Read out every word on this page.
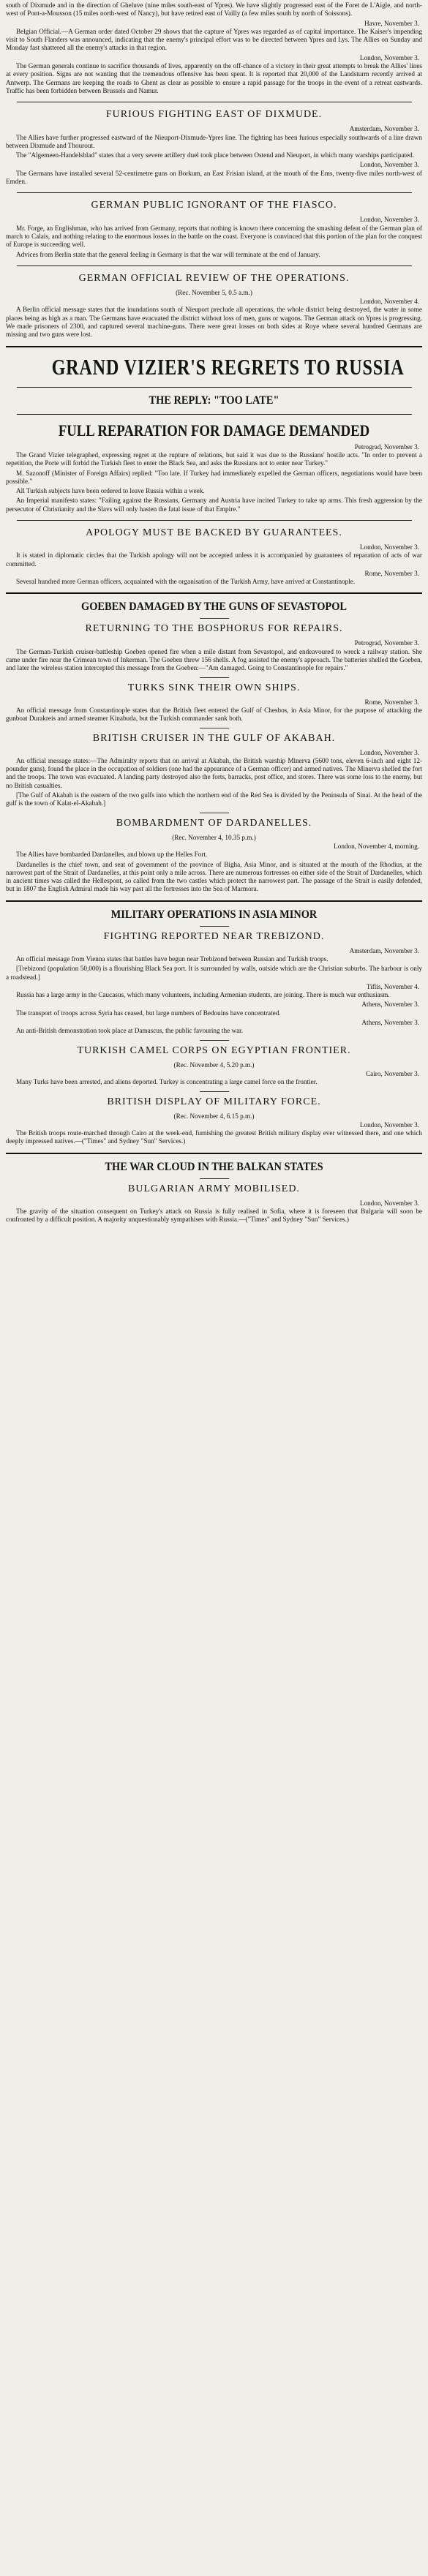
south of Dixmude and in the direction of Gheluve (nine miles south-east of Ypres). We have slightly progressed east of the Foret de L'Aigle, and north-west of Pont-a-Mousson (15 miles north-west of Nancy), but have retired east of Vailly (a few miles south by north of Soissons).

Havre, November 3.

Belgian Official.—A German order dated October 29 shows that the capture of Ypres was regarded as of capital importance. The Kaiser's impending visit to South Flanders was announced, indicating that the enemy's principal effort was to be directed between Ypres and Lys. The Allies on Sunday and Monday fast shattered all the enemy's attacks in that region.

London, November 3.

The German generals continue to sacrifice thousands of lives, apparently on the off-chance of a victory in their great attempts to break the Allies' lines at every position. Signs are not wanting that the tremendous offensive has been spent. It is reported that 20,000 of the Landsturm recently arrived at Antwerp. The Germans are keeping the roads to Ghent as clear as possible to ensure a rapid passage for the troops in the event of a retreat eastwards. Traffic has been forbidden between Brussels and Namur.

FURIOUS FIGHTING EAST OF DIXMUDE.
Amsterdam, November 3.

The Allies have further progressed eastward of the Nieuport-Dixmude-Ypres line. The fighting has been furious especially southwards of a line drawn between Dixmude and Thourout.

The "Algemeen-Handelsblad" states that a very severe artillery duel took place between Ostend and Nieuport, in which many warships participated.

London, November 3.

The Germans have installed several 52-centimetre guns on Borkum, an East Frisian island, at the mouth of the Ems, twenty-five miles north-west of Emden.

GERMAN PUBLIC IGNORANT OF THE FIASCO.
London, November 3.

Mr. Forge, an Englishman, who has arrived from Germany, reports that nothing is known there concerning the smashing defeat of the German plan of march to Calais, and nothing relating to the enormous losses in the battle on the coast. Everyone is convinced that this portion of the plan for the conquest of Europe is succeeding well.

Advices from Berlin state that the general feeling in Germany is that the war will terminate at the end of January.

GERMAN OFFICIAL REVIEW OF THE OPERATIONS.
(Rec. November 5, 0.5 a.m.)
London, November 4.

A Berlin official message states that the inundations south of Nieuport preclude all operations, the whole district being destroyed, the water in some places being as high as a man. The Germans have evacuated the district without loss of men, guns or wagons. The German attack on Ypres is progressing. We made prisoners of 2300, and captured several machine-guns. There were great losses on both sides at Roye where several hundred Germans are missing and two guns were lost.

GRAND VIZIER'S REGRETS TO RUSSIA
THE REPLY: "TOO LATE"
FULL REPARATION FOR DAMAGE DEMANDED
Petrograd, November 3.

The Grand Vizier telegraphed, expressing regret at the rupture of relations, but said it was due to the Russians' hostile acts. "In order to prevent a repetition, the Porte will forbid the Turkish fleet to enter the Black Sea, and asks the Russians not to enter near Turkey."

M. Sazonoff (Minister of Foreign Affairs) replied: "Too late. If Turkey had immediately expelled the German officers, negotiations would have been possible."

All Turkish subjects have been ordered to leave Russia within a week.

An Imperial manifesto states: "Failing against the Russians, Germany and Austria have incited Turkey to take up arms. This fresh aggression by the persecutor of Christianity and the Slavs will only hasten the fatal issue of that Empire."

APOLOGY MUST BE BACKED BY GUARANTEES.
London, November 3.

It is stated in diplomatic circles that the Turkish apology will not be accepted unless it is accompanied by guarantees of reparation of acts of war committed.

Rome, November 3.

Several hundred more German officers, acquainted with the organisation of the Turkish Army, have arrived at Constantinople.

GOEBEN DAMAGED BY THE GUNS OF SEVASTOPOL
RETURNING TO THE BOSPHORUS FOR REPAIRS.
Petrograd, November 3.

The German-Turkish cruiser-battleship Goeben opened fire when a mile distant from Sevastopol, and endeavoured to wreck a railway station. She came under fire near the Crimean town of Inkerman. The Goeben threw 156 shells. A fog assisted the enemy's approach. The batteries shelled the Goeben, and later the wireless station intercepted this message from the Goeben:—"Am damaged. Going to Constantinople for repairs."

TURKS SINK THEIR OWN SHIPS.
Rome, November 3.

An official message from Constantinople states that the British fleet entered the Gulf of Chesbos, in Asia Minor, for the purpose of attacking the gunboat Durakreis and armed steamer Kinabuda, but the Turkish commander sank both.

BRITISH CRUISER IN THE GULF OF AKABAH.
London, November 3.

An official message states:—The Admiralty reports that on arrival at Akabah, the British warship Minerva (5600 tons, eleven 6-inch and eight 12-pounder guns), found the place in the occupation of soldiers (one had the appearance of a German officer) and armed natives. The Minerva shelled the fort and the troops. The town was evacuated. A landing party destroyed also the forts, barracks, post office, and stores. There was some loss to the enemy, but no British casualties.

[The Gulf of Akabah is the eastern of the two gulfs into which the northern end of the Red Sea is divided by the Peninsula of Sinai. At the head of the gulf is the town of Kalat-el-Akabah.]

BOMBARDMENT OF DARDANELLES.
(Rec. November 4, 10.35 p.m.)
London, November 4, morning.

The Allies have bombarded Dardanelles, and blown up the Helles Fort.

Dardanelles is the chief town, and seat of government of the province of Bigha, Asia Minor, and is situated at the mouth of the Rhodius, at the narrowest part of the Strait of Dardanelles, at this point only a mile across. There are numerous fortresses on either side of the Strait of Dardanelles, which in ancient times was called the Hellespont, so called from the two castles which protect the narrowest part. The passage of the Strait is easily defended, but in 1807 the English Admiral made his way past all the fortresses into the Sea of Marmora.

MILITARY OPERATIONS IN ASIA MINOR
FIGHTING REPORTED NEAR TREBIZOND.
Amsterdam, November 3.

An official message from Vienna states that battles have begun near Trebizond between Russian and Turkish troops.

[Trebizond (population 50,000) is a flourishing Black Sea port. It is surrounded by walls, outside which are the Christian suburbs. The harbour is only a roadstead.]

Tiflis, November 4.

Russia has a large army in the Caucasus, which many volunteers, including Armenian students, are joining. There is much war enthusiasm.

Athens, November 3.

The transport of troops across Syria has ceased, but large numbers of Bedouins have concentrated.

Athens, November 3.

An anti-British demonstration took place at Damascus, the public favouring the war.

TURKISH CAMEL CORPS ON EGYPTIAN FRONTIER.
(Rec. November 4, 5.20 p.m.)
Cairo, November 3.

Many Turks have been arrested, and aliens deported. Turkey is concentrating a large camel force on the frontier.

BRITISH DISPLAY OF MILITARY FORCE.
(Rec. November 4, 6.15 p.m.)
London, November 3.

The British troops route-marched through Cairo at the week-end, furnishing the greatest British military display ever witnessed there, and one which deeply impressed natives.—("Times" and Sydney "Sun" Services.)

THE WAR CLOUD IN THE BALKAN STATES
BULGARIAN ARMY MOBILISED.
London, November 3.

The gravity of the situation consequent on Turkey's attack on Russia is fully realised in Sofia, where it is foreseen that Bulgaria will soon be confronted by a difficult position. A majority unquestionably sympathises with Russia.—("Times" and Sydney "Sun" Services.)
